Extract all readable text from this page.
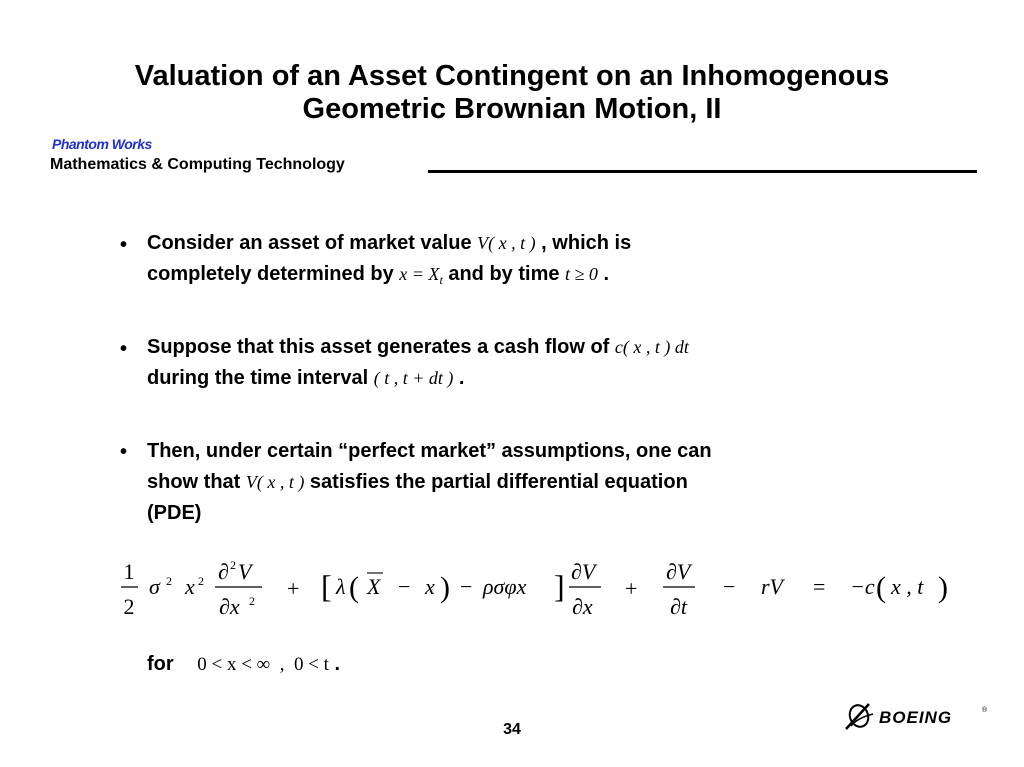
Valuation of an Asset Contingent on an Inhomogenous
Geometric Brownian Motion, II
Phantom Works
Mathematics & Computing Technology
• Consider an asset of market value V( x , t ) , which is
completely determined by $x = X_t$ and by time t ≥ 0 .
• Suppose that this asset generates a cash flow of c( x , t ) dt
during the time interval ( t , t + dt ) .
• Then, under certain “perfect market” assumptions, one can
show that V( x , t ) satisfies the partial differential equation
(PDE)
1
2
σ 2 x 2 ∂ 2 V
∂x 2 + [ λ ( X − x ) − ρσφx ] ∂V
∂x
+
∂V
∂t
− rV = −c ( x , t )
for 0 < x < ∞  ,  0 < t .
34
BOEING	®
